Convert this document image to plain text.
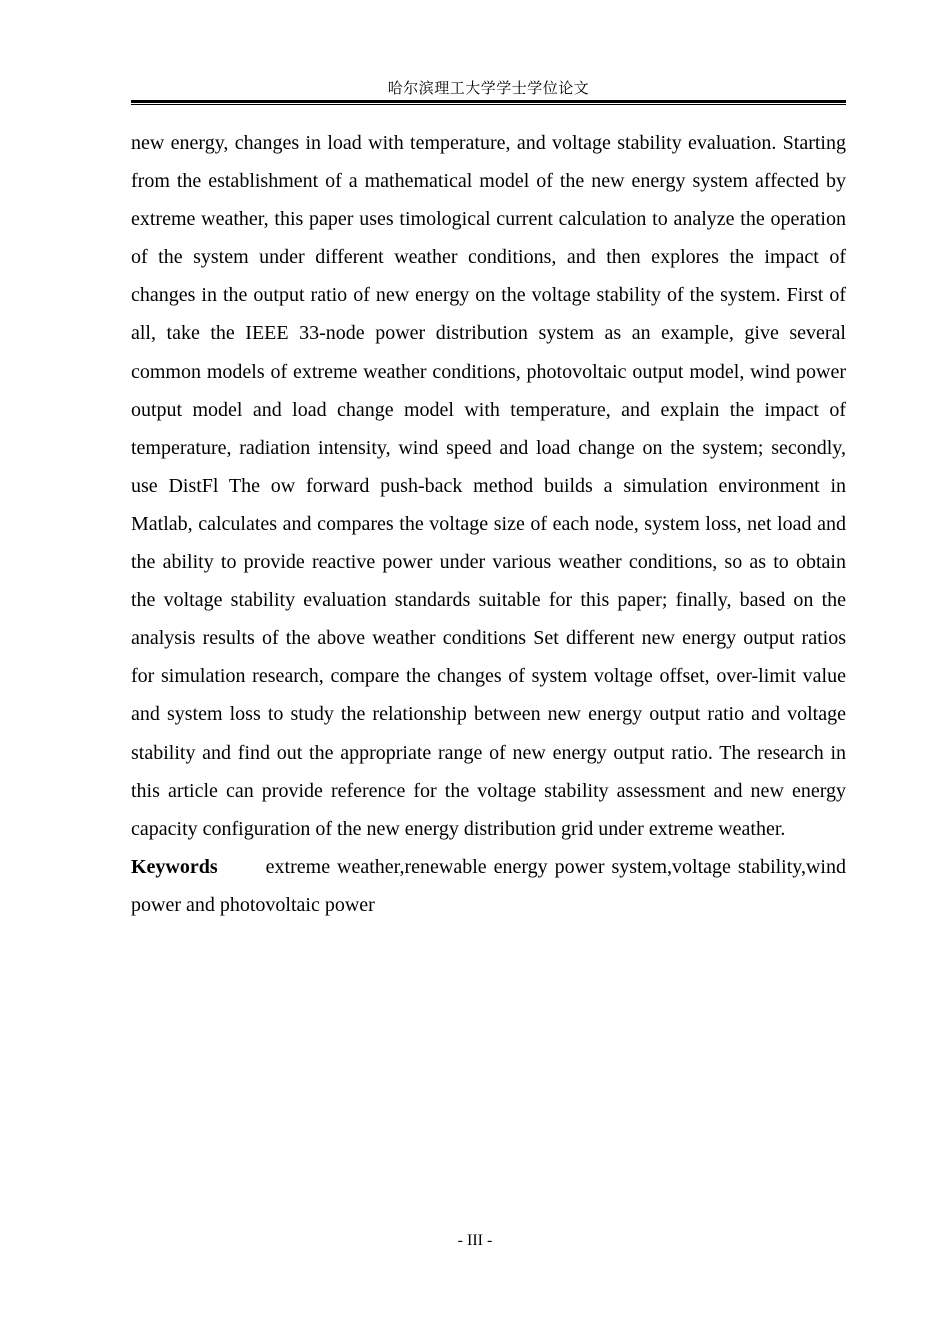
哈尔滨理工大学学士学位论文

new energy, changes in load with temperature, and voltage stability evaluation. Starting from the establishment of a mathematical model of the new energy system affected by extreme weather, this paper uses timological current calculation to analyze the operation of the system under different weather conditions, and then explores the impact of changes in the output ratio of new energy on the voltage stability of the system. First of all, take the IEEE 33-node power distribution system as an example, give several common models of extreme weather conditions, photovoltaic output model, wind power output model and load change model with temperature, and explain the impact of temperature, radiation intensity, wind speed and load change on the system; secondly, use DistFl The ow forward push-back method builds a simulation environment in Matlab, calculates and compares the voltage size of each node, system loss, net load and the ability to provide reactive power under various weather conditions, so as to obtain the voltage stability evaluation standards suitable for this paper; finally, based on the analysis results of the above weather conditions Set different new energy output ratios for simulation research, compare the changes of system voltage offset, over-limit value and system loss to study the relationship between new energy output ratio and voltage stability and find out the appropriate range of new energy output ratio. The research in this article can provide reference for the voltage stability assessment and new energy capacity configuration of the new energy distribution grid under extreme weather.

Keywords extreme weather,renewable energy power system,voltage stability,wind power and photovoltaic power

- III -
